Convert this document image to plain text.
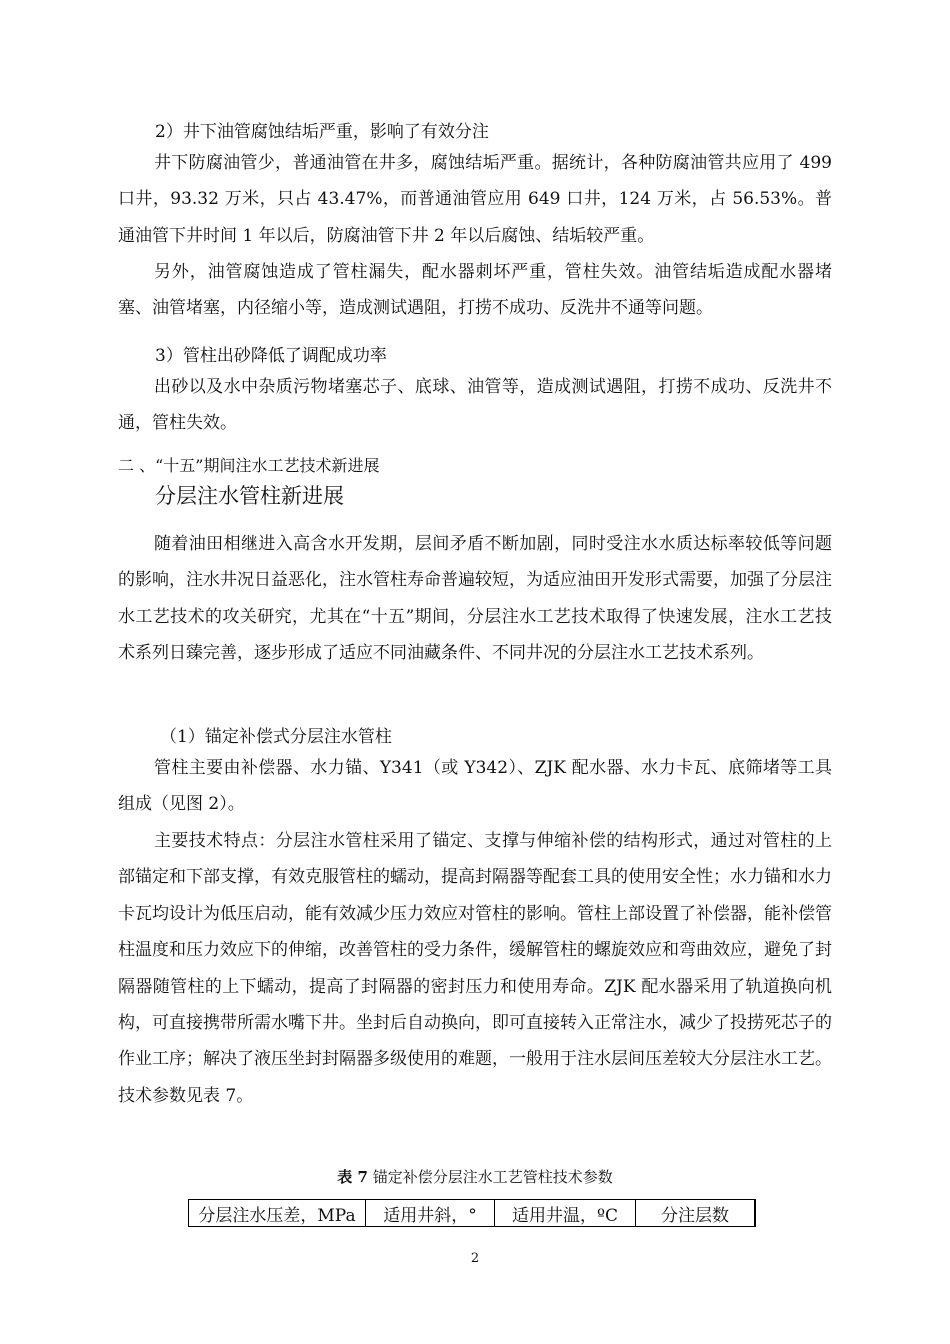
2）井下油管腐蚀结垢严重，影响了有效分注

井下防腐油管少，普通油管在井多，腐蚀结垢严重。据统计，各种防腐油管共应用了 499 口井，93.32 万米，只占 43.47%，而普通油管应用 649 口井，124 万米，占 56.53%。普通油管下井时间 1 年以后，防腐油管下井 2 年以后腐蚀、结垢较严重。

另外，油管腐蚀造成了管柱漏失，配水器刺坏严重，管柱失效。油管结垢造成配水器堵塞、油管堵塞，内径缩小等，造成测试遇阻，打捞不成功、反洗井不通等问题。

3）管柱出砂降低了调配成功率

出砂以及水中杂质污物堵塞芯子、底球、油管等，造成测试遇阻，打捞不成功、反洗井不通，管柱失效。

二 、“十五”期间注水工艺技术新进展

分层注水管柱新进展

随着油田相继进入高含水开发期，层间矛盾不断加剧，同时受注水水质达标率较低等问题的影响，注水井况日益恶化，注水管柱寿命普遍较短，为适应油田开发形式需要，加强了分层注水工艺技术的攻关研究，尤其在“十五”期间，分层注水工艺技术取得了快速发展，注水工艺技术系列日臻完善，逐步形成了适应不同油藏条件、不同井况的分层注水工艺技术系列。

（1）锚定补偿式分层注水管柱

管柱主要由补偿器、水力锚、Y341（或 Y342）、ZJK 配水器、水力卡瓦、底筛堵等工具组成（见图 2）。

主要技术特点：分层注水管柱采用了锚定、支撑与伸缩补偿的结构形式，通过对管柱的上部锚定和下部支撑，有效克服管柱的蠕动，提高封隔器等配套工具的使用安全性；水力锚和水力卡瓦均设计为低压启动，能有效减少压力效应对管柱的影响。管柱上部设置了补偿器，能补偿管柱温度和压力效应下的伸缩，改善管柱的受力条件，缓解管柱的螺旋效应和弯曲效应，避免了封隔器随管柱的上下蠕动，提高了封隔器的密封压力和使用寿命。ZJK 配水器采用了轨道换向机构，可直接携带所需水嘴下井。坐封后自动换向，即可直接转入正常注水，减少了投捞死芯子的作业工序；解决了液压坐封封隔器多级使用的难题，一般用于注水层间压差较大分层注水工艺。技术参数见表 7。

表 7 锚定补偿分层注水工艺管柱技术参数

分层注水压差，MPa	适用井斜，°	适用井温，ºC	分注层数

2
